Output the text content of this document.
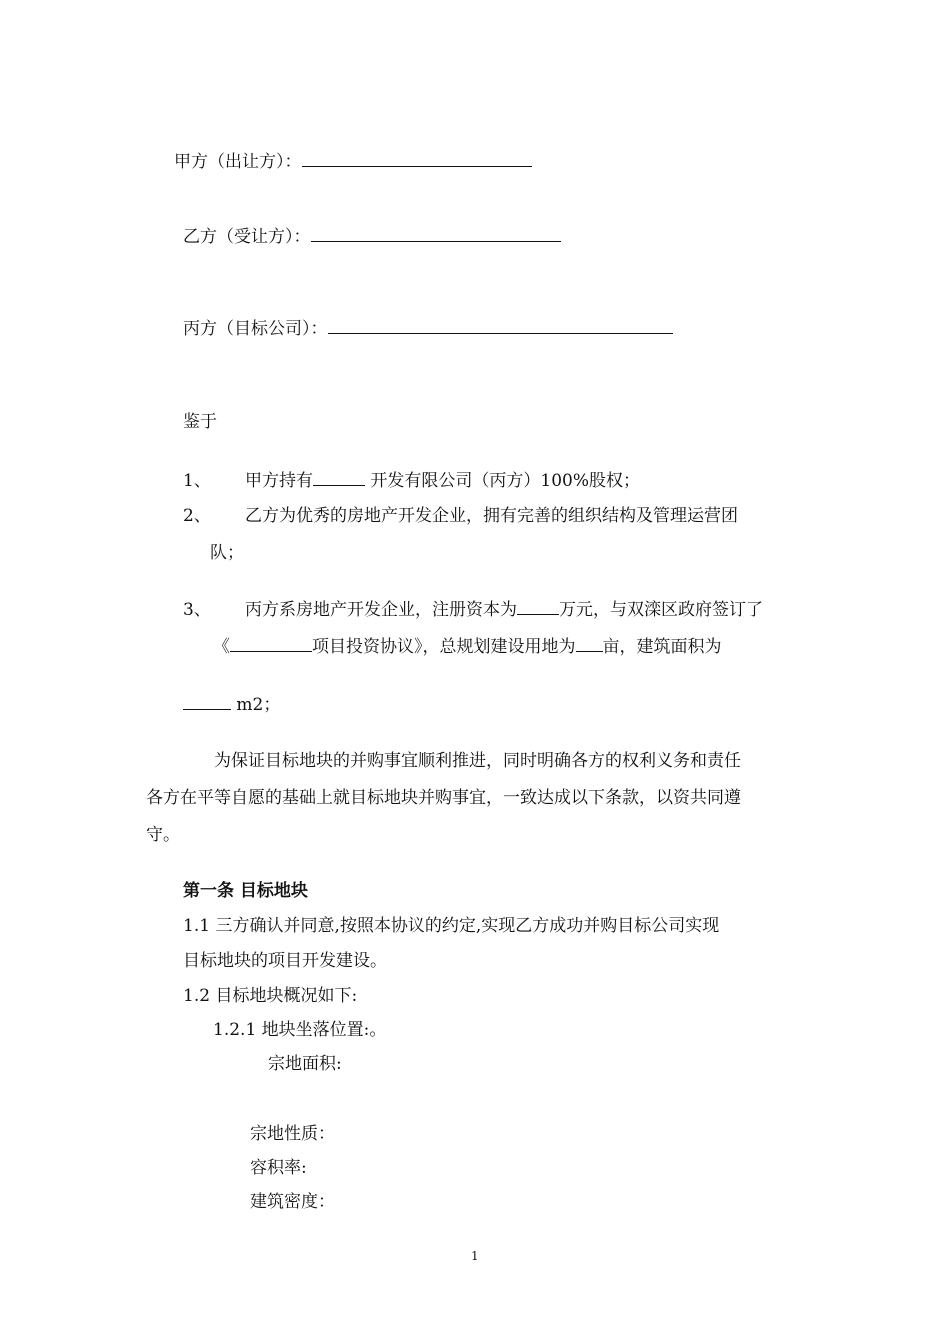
甲方（出让方）：
乙方（受让方）：
丙方（目标公司）：
鉴于
1、 甲方持有	开发有限公司（丙方）100%股权；
2、 乙方为优秀的房地产开发企业，拥有完善的组织结构及管理运营团
队；
3、 丙方系房地产开发企业，注册资本为 万元，与双滦区政府签订了
《	项目投资协议》，总规划建设用地为 亩，建筑面积为
m2；
为保证目标地块的并购事宜顺利推进，同时明确各方的权利义务和责任
各方在平等自愿的基础上就目标地块并购事宜，一致达成以下条款，以资共同遵
守。
第一条 目标地块
1.1 三方确认并同意,按照本协议的约定,实现乙方成功并购目标公司实现
目标地块的项目开发建设。
1.2 目标地块概况如下:
1.2.1 地块坐落位置:。
宗地面积:
宗地性质：
容积率:
建筑密度：
1
